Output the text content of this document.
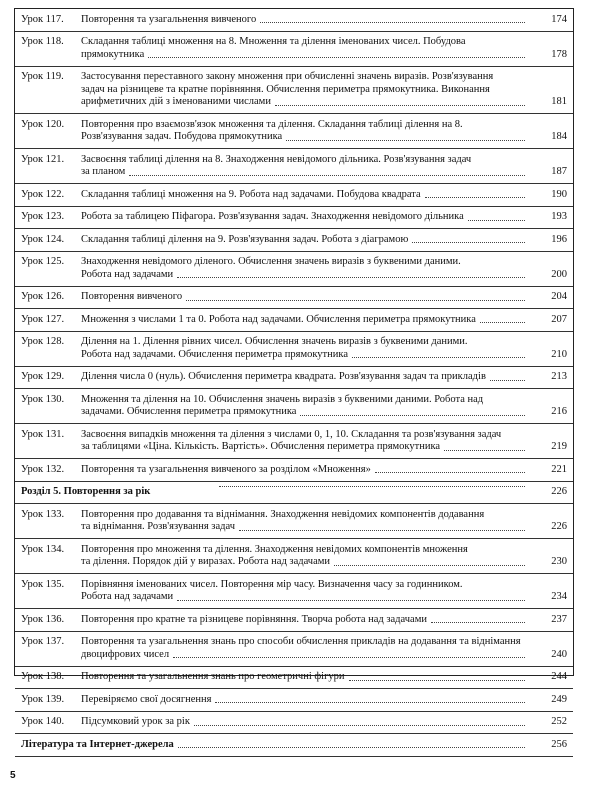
Урок 117. Повторення та узагальнення вивченого	174
Урок 118. Складання таблиці множення на 8. Множення та ділення іменованих чисел. Побудова
прямокутника	178
Урок 119. Застосування переставного закону множення при обчисленні значень виразів. Розв'язування
задач на різницеве та кратне порівняння. Обчислення периметра прямокутника. Виконання
арифметичних дій з іменованими числами	181
Урок 120. Повторення про взаємозв'язок множення та ділення. Складання таблиці ділення на 8.
Розв'язування задач. Побудова прямокутника	184
Урок 121. Засвоєння таблиці ділення на 8. Знаходження невідомого дільника. Розв'язування задач
за планом	187
Урок 122. Складання таблиці множення на 9. Робота над задачами. Побудова квадрата	190
Урок 123. Робота за таблицею Піфагора. Розв'язування задач. Знаходження невідомого дільника	193
Урок 124. Складання таблиці ділення на 9. Розв'язування задач. Робота з діаграмою	196
Урок 125. Знаходження невідомого діленого. Обчислення значень виразів з буквеними даними.
Робота над задачами	200
Урок 126. Повторення вивченого	204
Урок 127. Множення з числами 1 та 0. Робота над задачами. Обчислення периметра прямокутника	207
Урок 128. Ділення на 1. Ділення рівних чисел. Обчислення значень виразів з буквеними даними.
Робота над задачами. Обчислення периметра прямокутника	210
Урок 129. Ділення числа 0 (нуль). Обчислення периметра квадрата. Розв'язування задач та прикладів	213
Урок 130. Множення та ділення на 10. Обчислення значень виразів з буквеними даними. Робота над
задачами. Обчислення периметра прямокутника	216
Урок 131. Засвоєння випадків множення та ділення з числами 0, 1, 10. Складання та розв'язування задач
за таблицями «Ціна. Кількість. Вартість». Обчислення периметра прямокутника	219
Урок 132. Повторення та узагальнення вивченого за розділом «Множення»	221
Розділ 5. Повторення за рік	226
Урок 133. Повторення про додавання та віднімання. Знаходження невідомих компонентів додавання
та віднімання. Розв'язування задач	226
Урок 134. Повторення про множення та ділення. Знаходження невідомих компонентів множення
та ділення. Порядок дій у виразах. Робота над задачами	230
Урок 135. Порівняння іменованих чисел. Повторення мір часу. Визначення часу за годинником.
Робота над задачами	234
Урок 136. Повторення про кратне та різницеве порівняння. Творча робота над задачами	237
Урок 137. Повторення та узагальнення знань про способи обчислення прикладів на додавання та віднімання
двоцифрових чисел	240
Урок 138. Повторення та узагальнення знань про геометричні фігури	244
Урок 139. Перевіряємо свої досягнення	249
Урок 140. Підсумковий урок за рік	252
Література та Інтернет-джерела	256
5
